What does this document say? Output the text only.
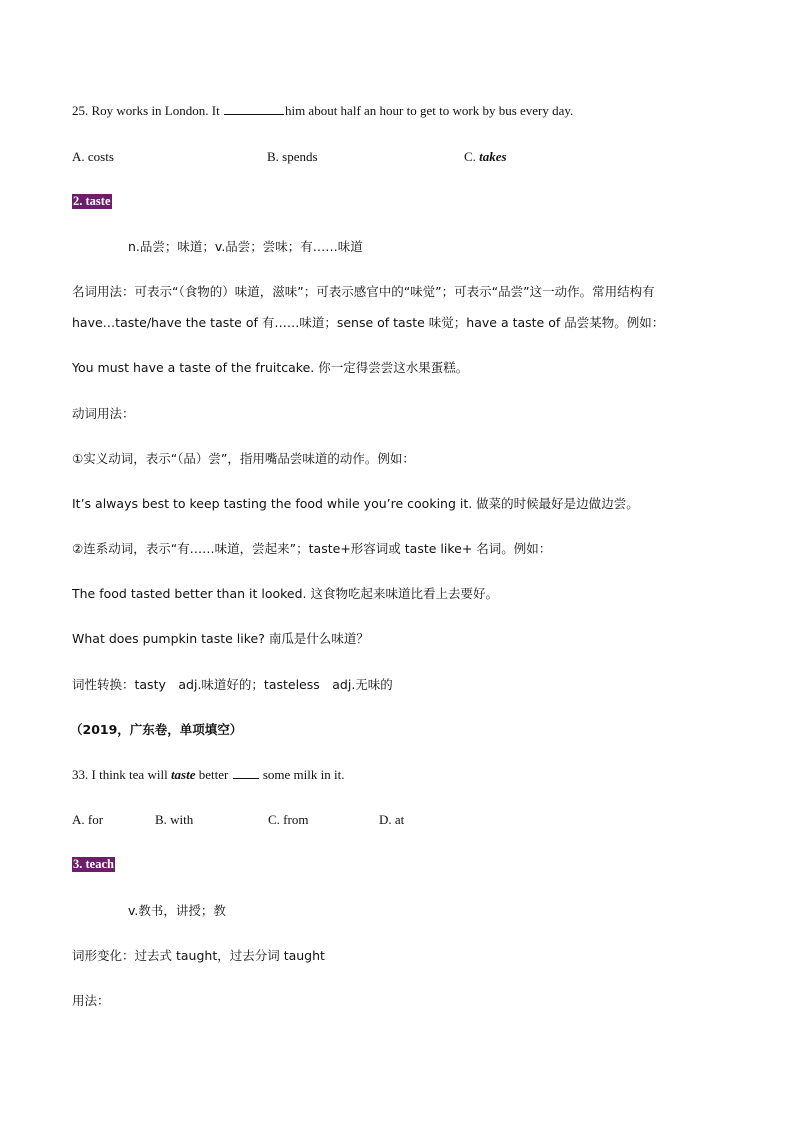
25. Roy works in London. It	him about half an hour to get to work by bus every day.
A. costs	B. spends	C. takes
2. taste
n.品尝；味道；v.品尝；尝味；有……味道
名词用法：可表示“（食物的）味道，滋味”；可表示感官中的“味觉”；可表示“品尝”这一动作。常用结构有
have…taste/have the taste of 有……味道；sense of taste 味觉；have a taste of 品尝某物。例如：
You must have a taste of the fruitcake. 你一定得尝尝这水果蛋糕。
动词用法：
①实义动词，表示“（品）尝”，指用嘴品尝味道的动作。例如：
It’s always best to keep tasting the food while you’re cooking it. 做菜的时候最好是边做边尝。
②连系动词，表示“有……味道，尝起来”；taste+形容词或 taste like+ 名词。例如：
The food tasted better than it looked. 这食物吃起来味道比看上去要好。
What does pumpkin taste like? 南瓜是什么味道？
词性转换：tasty　adj.味道好的；tasteless　adj.无味的
（2019，广东卷，单项填空）
33. I think tea will taste better	some milk in it.
A. for	B. with	C. from	D. at
3. teach
v.教书，讲授；教
词形变化：过去式 taught，过去分词 taught
用法：
